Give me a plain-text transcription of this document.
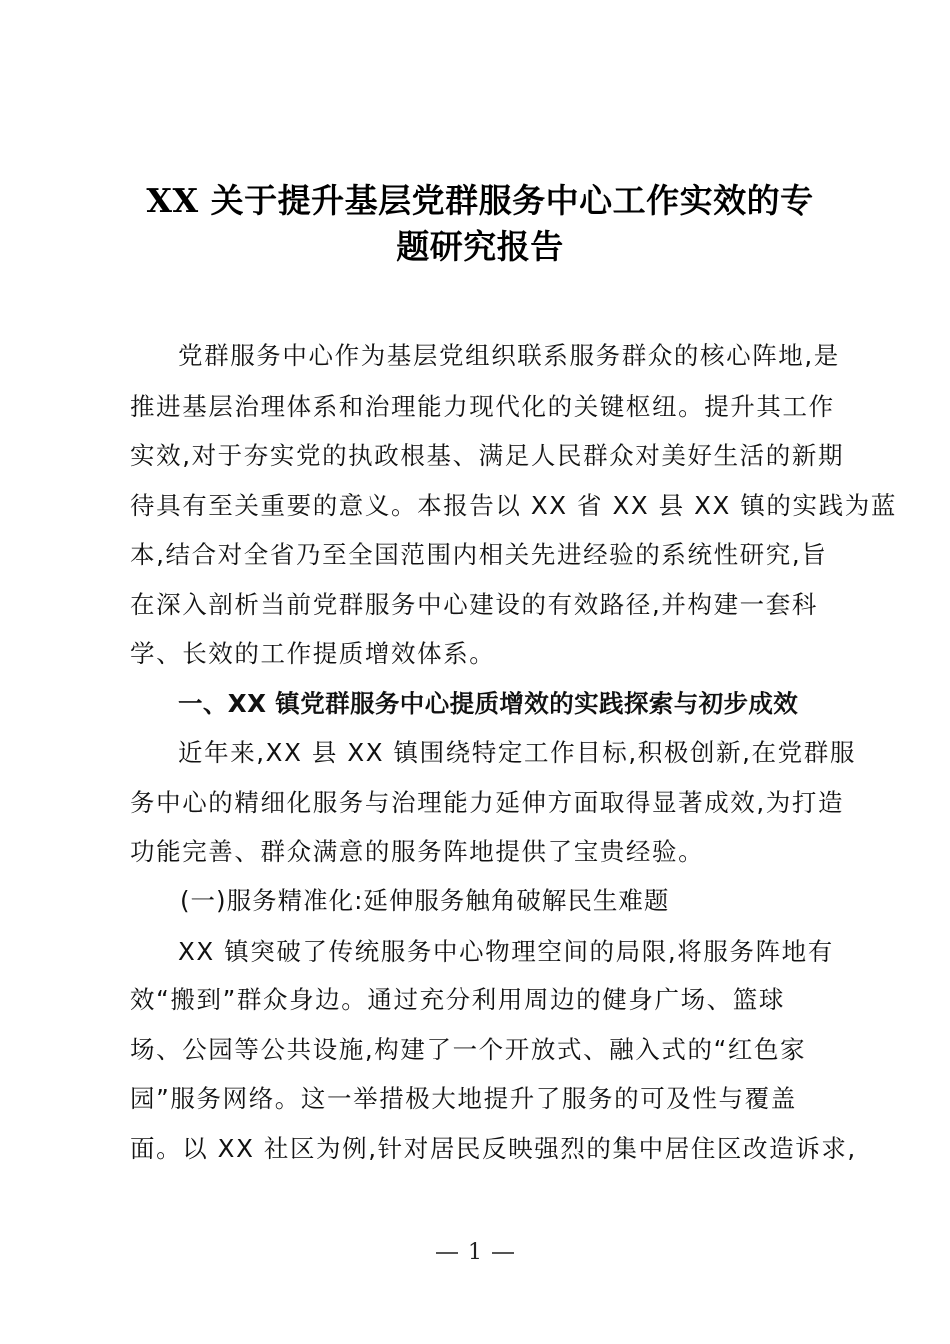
XX 关于提升基层党群服务中心工作实效的专
题研究报告
党群服务中心作为基层党组织联系服务群众的核心阵地,是
推进基层治理体系和治理能力现代化的关键枢纽。提升其工作
实效,对于夯实党的执政根基、满足人民群众对美好生活的新期
待具有至关重要的意义。本报告以 XX 省 XX 县 XX 镇的实践为蓝
本,结合对全省乃至全国范围内相关先进经验的系统性研究,旨
在深入剖析当前党群服务中心建设的有效路径,并构建一套科
学、长效的工作提质增效体系。
一、XX 镇党群服务中心提质增效的实践探索与初步成效
近年来,XX 县 XX 镇围绕特定工作目标,积极创新,在党群服
务中心的精细化服务与治理能力延伸方面取得显著成效,为打造
功能完善、群众满意的服务阵地提供了宝贵经验。
(一)服务精准化:延伸服务触角破解民生难题
XX 镇突破了传统服务中心物理空间的局限,将服务阵地有
效“搬到”群众身边。通过充分利用周边的健身广场、篮球
场、公园等公共设施,构建了一个开放式、融入式的“红色家
园”服务网络。这一举措极大地提升了服务的可及性与覆盖
面。以 XX 社区为例,针对居民反映强烈的集中居住区改造诉求,
1
